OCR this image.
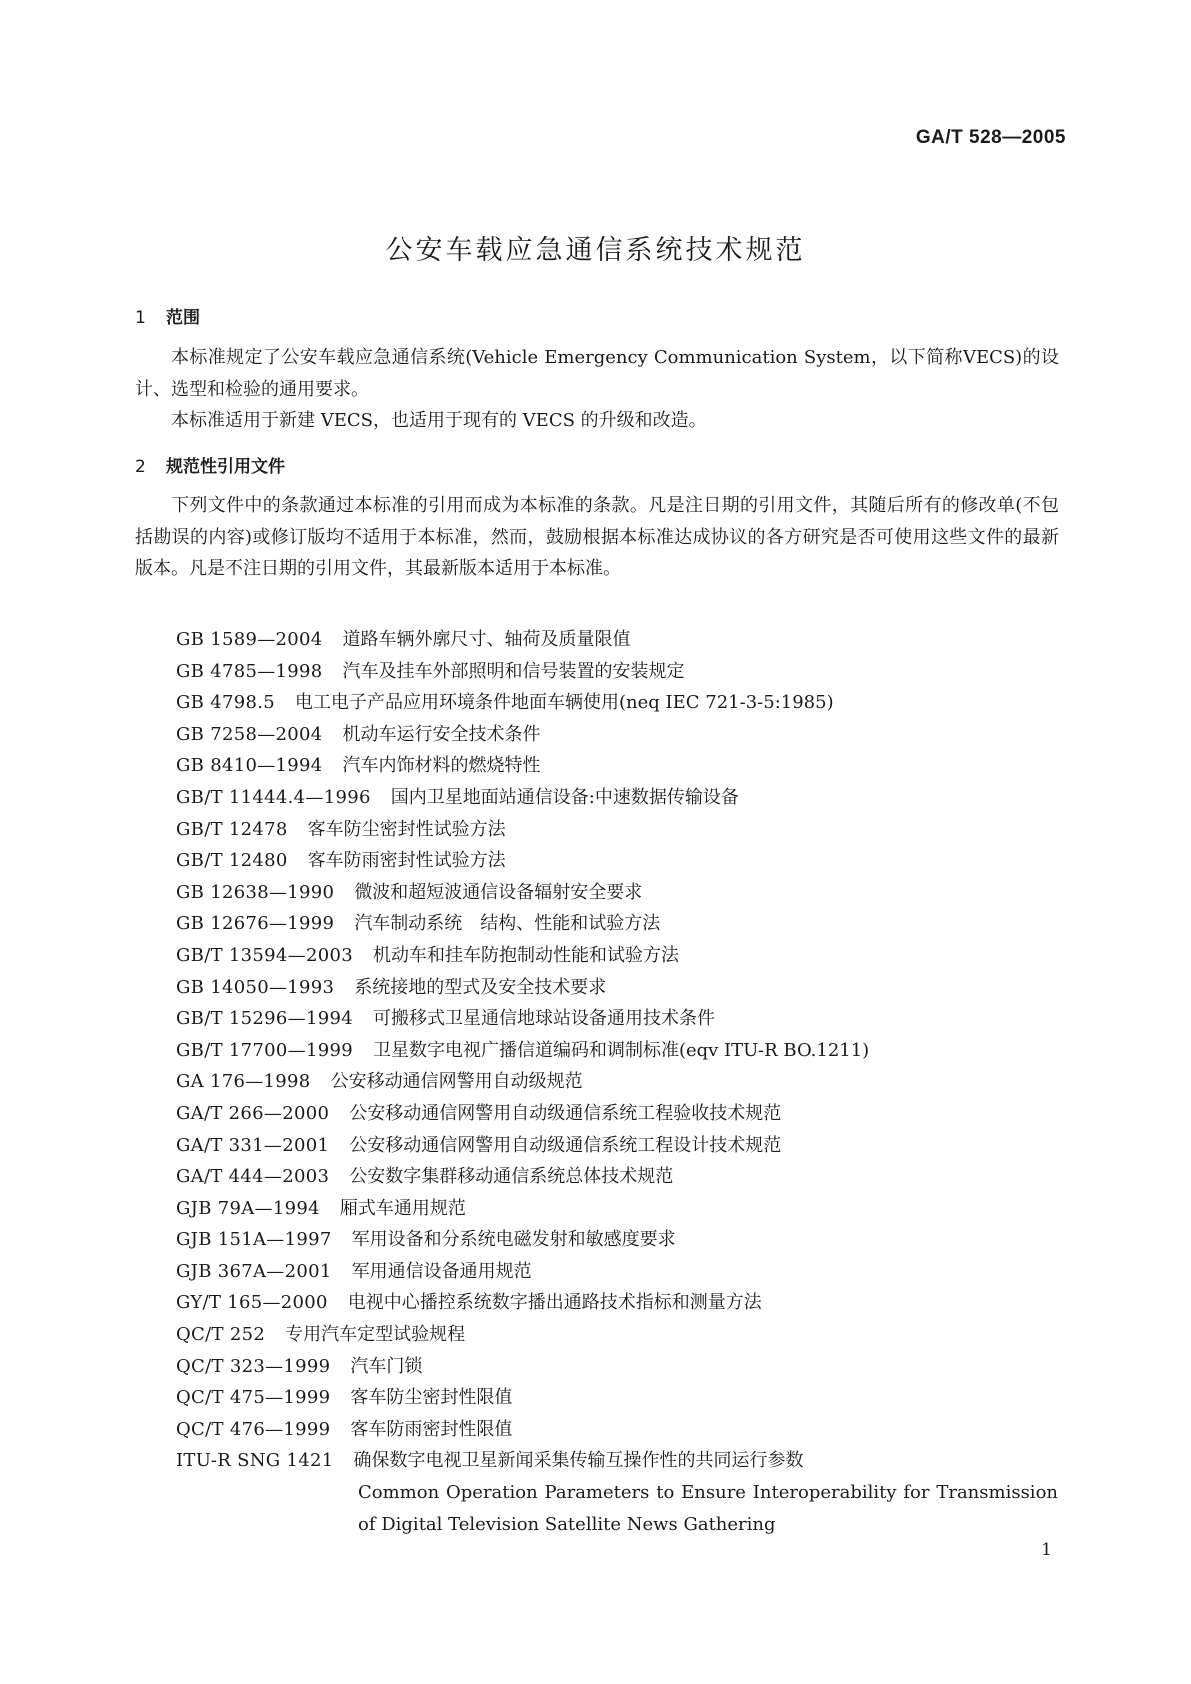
GA/T 528—2005
公安车载应急通信系统技术规范
1 范围

本标准规定了公安车载应急通信系统(Vehicle Emergency Communication System，以下简称VECS)的设计、选型和检验的通用要求。

本标准适用于新建 VECS，也适用于现有的 VECS 的升级和改造。

2 规范性引用文件

下列文件中的条款通过本标准的引用而成为本标准的条款。凡是注日期的引用文件，其随后所有的修改单(不包括勘误的内容)或修订版均不适用于本标准，然而，鼓励根据本标准达成协议的各方研究是否可使用这些文件的最新版本。凡是不注日期的引用文件，其最新版本适用于本标准。

GB 1589—2004 道路车辆外廓尺寸、轴荷及质量限值
GB 4785—1998 汽车及挂车外部照明和信号装置的安装规定
GB 4798.5 电工电子产品应用环境条件地面车辆使用(neq IEC 721-3-5:1985)
GB 7258—2004 机动车运行安全技术条件
GB 8410—1994 汽车内饰材料的燃烧特性
GB/T 11444.4—1996 国内卫星地面站通信设备:中速数据传输设备
GB/T 12478 客车防尘密封性试验方法
GB/T 12480 客车防雨密封性试验方法
GB 12638—1990 微波和超短波通信设备辐射安全要求
GB 12676—1999 汽车制动系统　结构、性能和试验方法
GB/T 13594—2003 机动车和挂车防抱制动性能和试验方法
GB 14050—1993 系统接地的型式及安全技术要求
GB/T 15296—1994 可搬移式卫星通信地球站设备通用技术条件
GB/T 17700—1999 卫星数字电视广播信道编码和调制标准(eqv ITU-R BO.1211)
GA 176—1998 公安移动通信网警用自动级规范
GA/T 266—2000 公安移动通信网警用自动级通信系统工程验收技术规范
GA/T 331—2001 公安移动通信网警用自动级通信系统工程设计技术规范
GA/T 444—2003 公安数字集群移动通信系统总体技术规范
GJB 79A—1994 厢式车通用规范
GJB 151A—1997 军用设备和分系统电磁发射和敏感度要求
GJB 367A—2001 军用通信设备通用规范
GY/T 165—2000 电视中心播控系统数字播出通路技术指标和测量方法
QC/T 252 专用汽车定型试验规程
QC/T 323—1999 汽车门锁
QC/T 475—1999 客车防尘密封性限值
QC/T 476—1999 客车防雨密封性限值
ITU-R SNG 1421 确保数字电视卫星新闻采集传输互操作性的共同运行参数
Common Operation Parameters to Ensure Interoperability for Transmission
of Digital Television Satellite News Gathering
1
